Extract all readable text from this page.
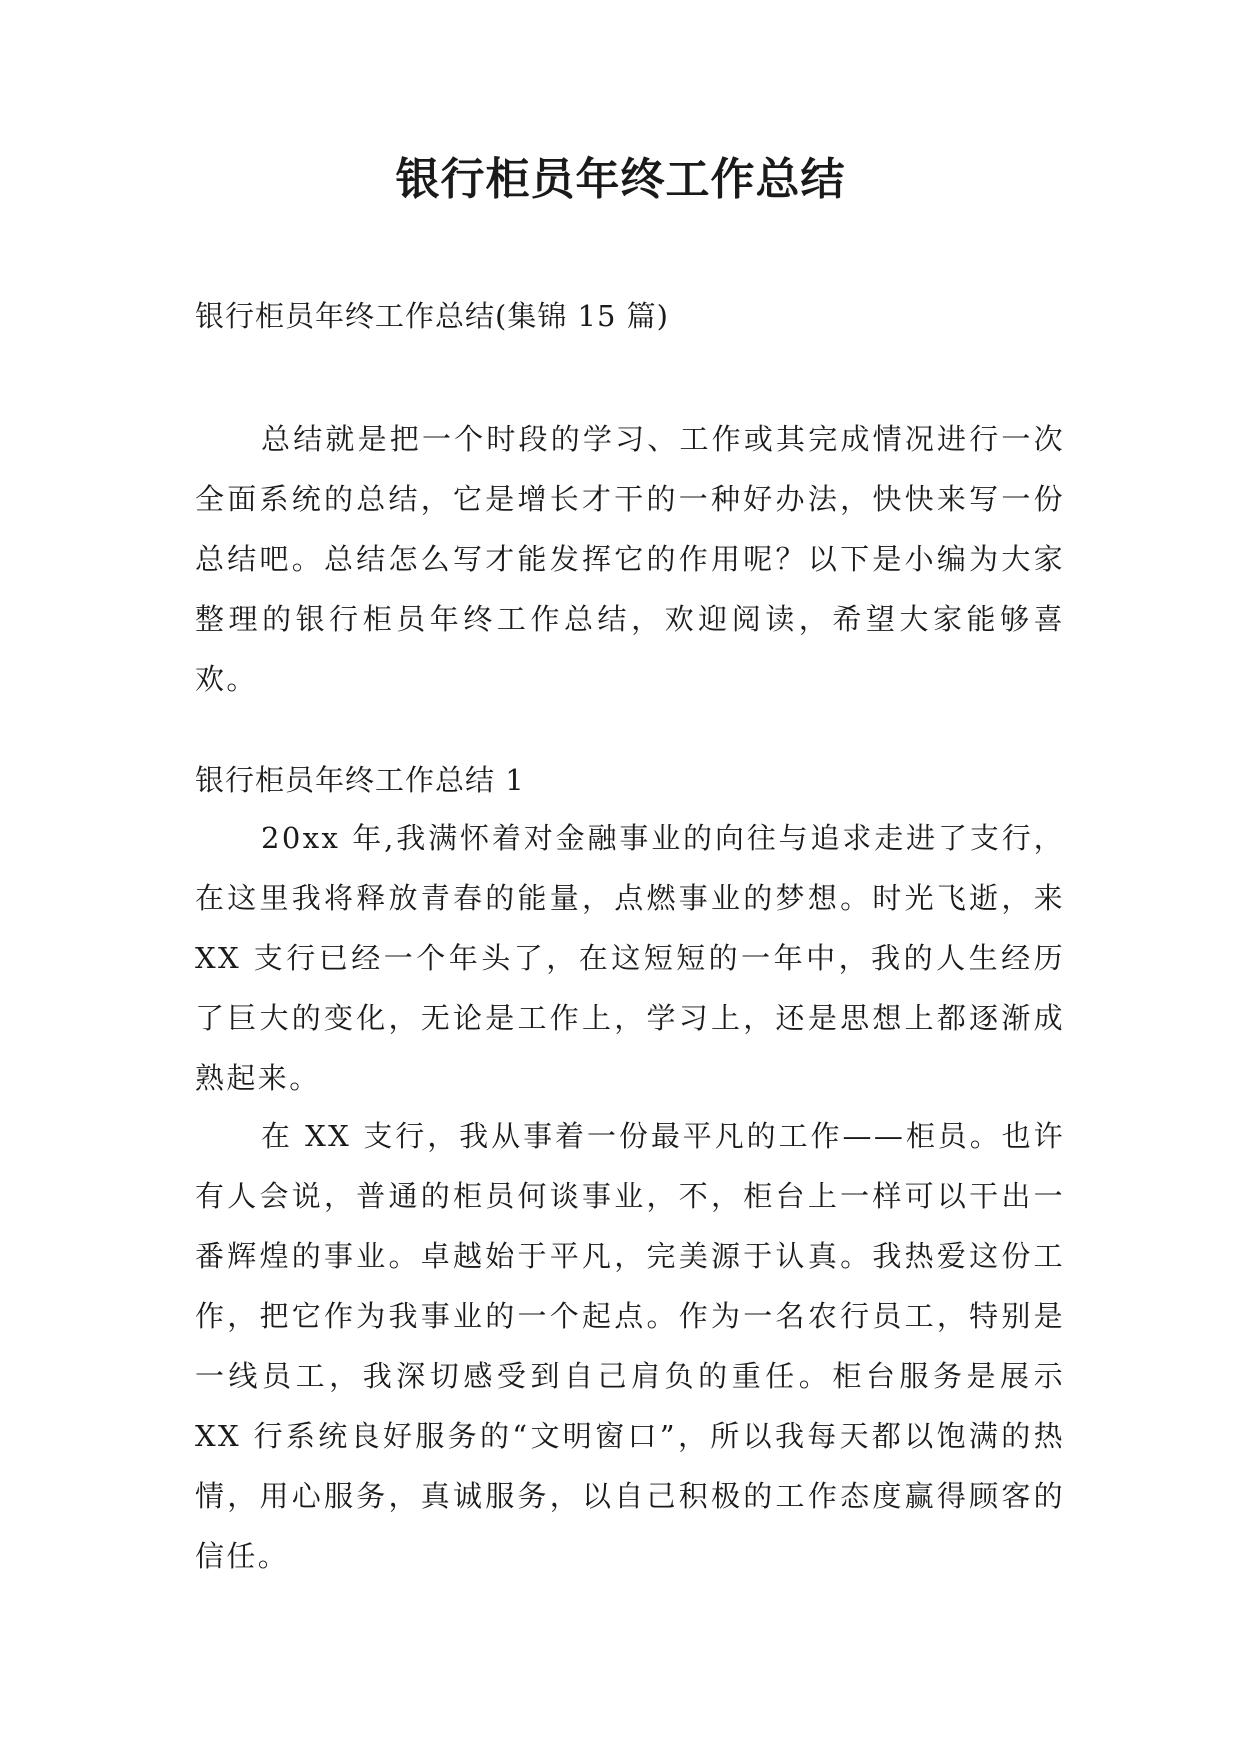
银行柜员年终工作总结
银行柜员年终工作总结(集锦 15 篇)
总结就是把一个时段的学习、工作或其完成情况进行一次全面系统的总结，它是增长才干的一种好办法，快快来写一份总结吧。总结怎么写才能发挥它的作用呢？以下是小编为大家整理的银行柜员年终工作总结，欢迎阅读，希望大家能够喜欢。
银行柜员年终工作总结 1
20xx 年,我满怀着对金融事业的向往与追求走进了支行，在这里我将释放青春的能量，点燃事业的梦想。时光飞逝，来 XX 支行已经一个年头了，在这短短的一年中，我的人生经历了巨大的变化，无论是工作上，学习上，还是思想上都逐渐成熟起来。
在 XX 支行，我从事着一份最平凡的工作——柜员。也许有人会说，普通的柜员何谈事业，不，柜台上一样可以干出一番辉煌的事业。卓越始于平凡，完美源于认真。我热爱这份工作，把它作为我事业的一个起点。作为一名农行员工，特别是一线员工，我深切感受到自己肩负的重任。柜台服务是展示 XX 行系统良好服务的“文明窗口”，所以我每天都以饱满的热情，用心服务，真诚服务，以自己积极的工作态度赢得顾客的信任。
